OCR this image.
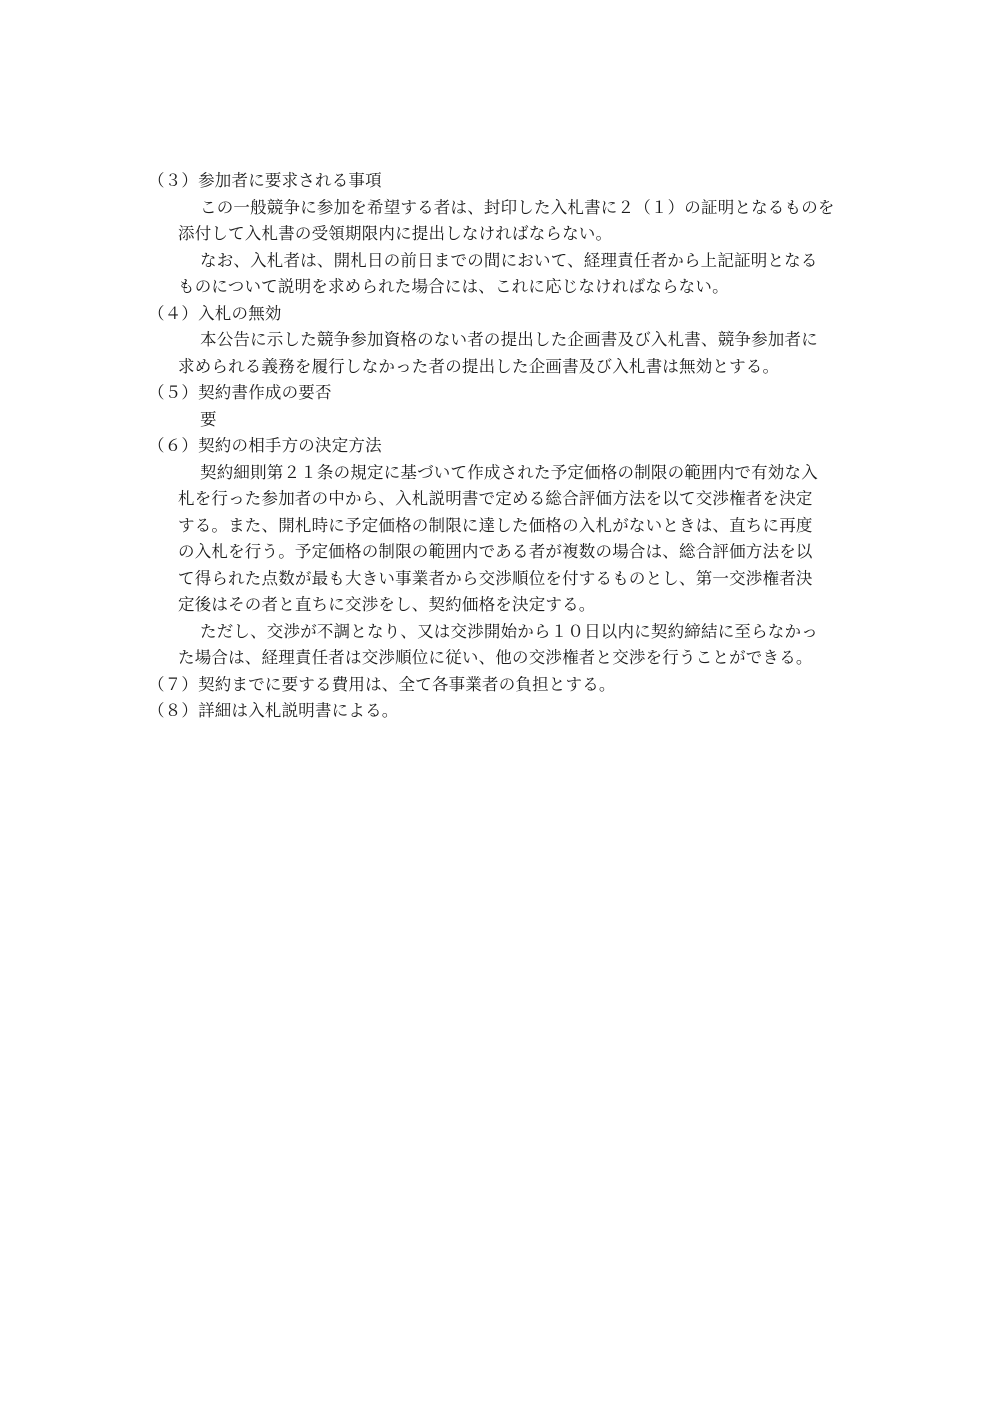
（３）参加者に要求される事項
この一般競争に参加を希望する者は、封印した入札書に２（１）の証明となるものを
添付して入札書の受領期限内に提出しなければならない。
なお、入札者は、開札日の前日までの間において、経理責任者から上記証明となる
ものについて説明を求められた場合には、これに応じなければならない。
（４）入札の無効
本公告に示した競争参加資格のない者の提出した企画書及び入札書、競争参加者に
求められる義務を履行しなかった者の提出した企画書及び入札書は無効とする。
（５）契約書作成の要否
要
（６）契約の相手方の決定方法
契約細則第２１条の規定に基づいて作成された予定価格の制限の範囲内で有効な入
札を行った参加者の中から、入札説明書で定める総合評価方法を以て交渉権者を決定
する。また、開札時に予定価格の制限に達した価格の入札がないときは、直ちに再度
の入札を行う。予定価格の制限の範囲内である者が複数の場合は、総合評価方法を以
て得られた点数が最も大きい事業者から交渉順位を付するものとし、第一交渉権者決
定後はその者と直ちに交渉をし、契約価格を決定する。
ただし、交渉が不調となり、又は交渉開始から１０日以内に契約締結に至らなかっ
た場合は、経理責任者は交渉順位に従い、他の交渉権者と交渉を行うことができる。
（７）契約までに要する費用は、全て各事業者の負担とする。
（８）詳細は入札説明書による。
